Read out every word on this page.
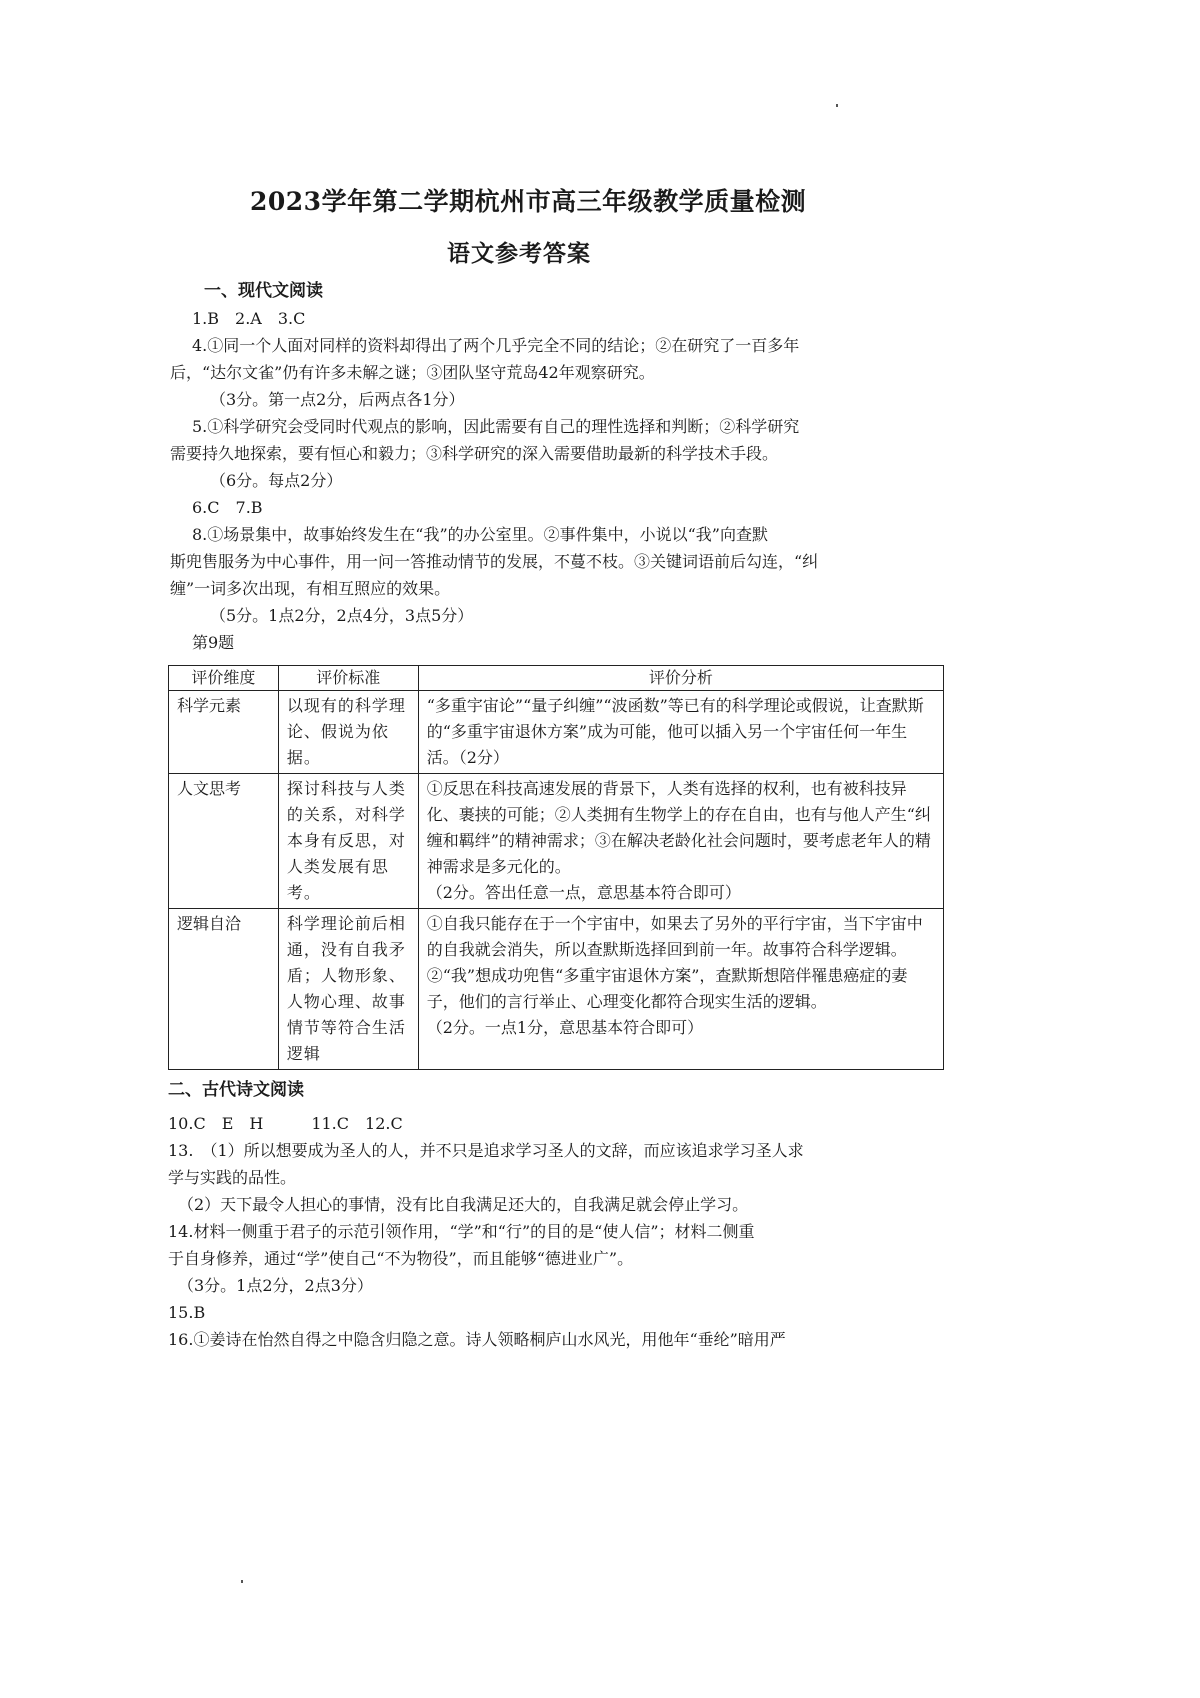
2023学年第二学期杭州市高三年级教学质量检测
语文参考答案
一、现代文阅读
1.B　2.A　3.C
4.①同一个人面对同样的资料却得出了两个几乎完全不同的结论；②在研究了一百多年
后，“达尔文雀”仍有许多未解之谜；③团队坚守荒岛42年观察研究。
（3分。第一点2分，后两点各1分）
5.①科学研究会受同时代观点的影响，因此需要有自己的理性选择和判断；②科学研究
需要持久地探索，要有恒心和毅力；③科学研究的深入需要借助最新的科学技术手段。
（6分。每点2分）
6.C　7.B
8.①场景集中，故事始终发生在“我”的办公室里。②事件集中，小说以“我”向查默
斯兜售服务为中心事件，用一问一答推动情节的发展，不蔓不枝。③关键词语前后勾连，“纠
缠”一词多次出现，有相互照应的效果。
（5分。1点2分，2点4分，3点5分）
第9题
评价维度	评价标准	评价分析
科学元素	以现有的科学理论、假说为依据。	“多重宇宙论”“量子纠缠”“波函数”等已有的科学理论或假说，让查默斯的“多重宇宙退休方案”成为可能，他可以插入另一个宇宙任何一年生活。（2分）

人文思考	探讨科技与人类的关系，对科学本身有反思，对人类发展有思考。	①反思在科技高速发展的背景下，人类有选择的权利，也有被科技异化、裹挟的可能；②人类拥有生物学上的存在自由，也有与他人产生“纠缠和羁绊”的精神需求；③在解决老龄化社会问题时，要考虑老年人的精神需求是多元化的。
（2分。答出任意一点，意思基本符合即可）

逻辑自洽	科学理论前后相通，没有自我矛盾；人物形象、人物心理、故事情节等符合生活逻辑	①自我只能存在于一个宇宙中，如果去了另外的平行宇宙，当下宇宙中的自我就会消失，所以查默斯选择回到前一年。故事符合科学逻辑。
②“我”想成功兜售“多重宇宙退休方案”，查默斯想陪伴罹患癌症的妻子，他们的言行举止、心理变化都符合现实生活的逻辑。
（2分。一点1分，意思基本符合即可）
二、古代诗文阅读
10.C　E　H　　　11.C　12.C
13.　（1）所以想要成为圣人的人，并不只是追求学习圣人的文辞，而应该追求学习圣人求
学与实践的品性。
（2）天下最令人担心的事情，没有比自我满足还大的，自我满足就会停止学习。
14.材料一侧重于君子的示范引领作用，“学”和“行”的目的是“使人信”；材料二侧重
于自身修养，通过“学”使自己“不为物役”，而且能够“德进业广”。
（3分。1点2分，2点3分）
15.B
16.①姜诗在怡然自得之中隐含归隐之意。诗人领略桐庐山水风光，用他年“垂纶”暗用严
